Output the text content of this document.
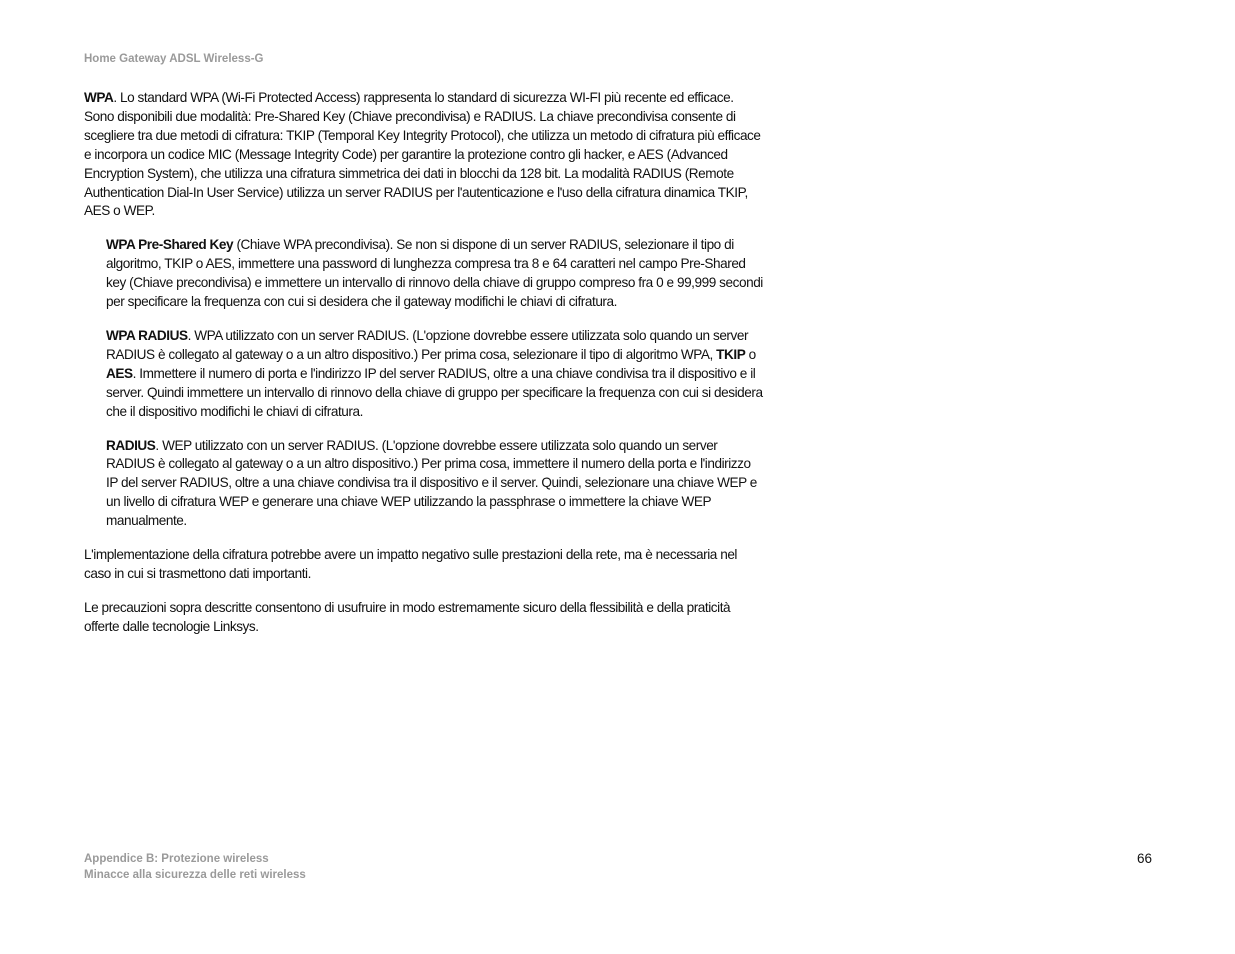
Home Gateway ADSL Wireless-G

WPA. Lo standard WPA (Wi-Fi Protected Access) rappresenta lo standard di sicurezza WI-FI più recente ed efficace. Sono disponibili due modalità: Pre-Shared Key (Chiave precondivisa) e RADIUS. La chiave precondivisa consente di scegliere tra due metodi di cifratura: TKIP (Temporal Key Integrity Protocol), che utilizza un metodo di cifratura più efficace e incorpora un codice MIC (Message Integrity Code) per garantire la protezione contro gli hacker, e AES (Advanced Encryption System), che utilizza una cifratura simmetrica dei dati in blocchi da 128 bit. La modalità RADIUS (Remote Authentication Dial-In User Service) utilizza un server RADIUS per l'autenticazione e l'uso della cifratura dinamica TKIP, AES o WEP.

WPA Pre-Shared Key (Chiave WPA precondivisa). Se non si dispone di un server RADIUS, selezionare il tipo di algoritmo, TKIP o AES, immettere una password di lunghezza compresa tra 8 e 64 caratteri nel campo Pre-Shared key (Chiave precondivisa) e immettere un intervallo di rinnovo della chiave di gruppo compreso fra 0 e 99,999 secondi per specificare la frequenza con cui si desidera che il gateway modifichi le chiavi di cifratura.

WPA RADIUS. WPA utilizzato con un server RADIUS. (L'opzione dovrebbe essere utilizzata solo quando un server RADIUS è collegato al gateway o a un altro dispositivo.) Per prima cosa, selezionare il tipo di algoritmo WPA, TKIP o AES. Immettere il numero di porta e l'indirizzo IP del server RADIUS, oltre a una chiave condivisa tra il dispositivo e il server. Quindi immettere un intervallo di rinnovo della chiave di gruppo per specificare la frequenza con cui si desidera che il dispositivo modifichi le chiavi di cifratura.

RADIUS. WEP utilizzato con un server RADIUS. (L'opzione dovrebbe essere utilizzata solo quando un server RADIUS è collegato al gateway o a un altro dispositivo.) Per prima cosa, immettere il numero della porta e l'indirizzo IP del server RADIUS, oltre a una chiave condivisa tra il dispositivo e il server. Quindi, selezionare una chiave WEP e un livello di cifratura WEP e generare una chiave WEP utilizzando la passphrase o immettere la chiave WEP manualmente.

L'implementazione della cifratura potrebbe avere un impatto negativo sulle prestazioni della rete, ma è necessaria nel caso in cui si trasmettono dati importanti.

Le precauzioni sopra descritte consentono di usufruire in modo estremamente sicuro della flessibilità e della praticità offerte dalle tecnologie Linksys.

Appendice B: Protezione wireless
Minacce alla sicurezza delle reti wireless
66
